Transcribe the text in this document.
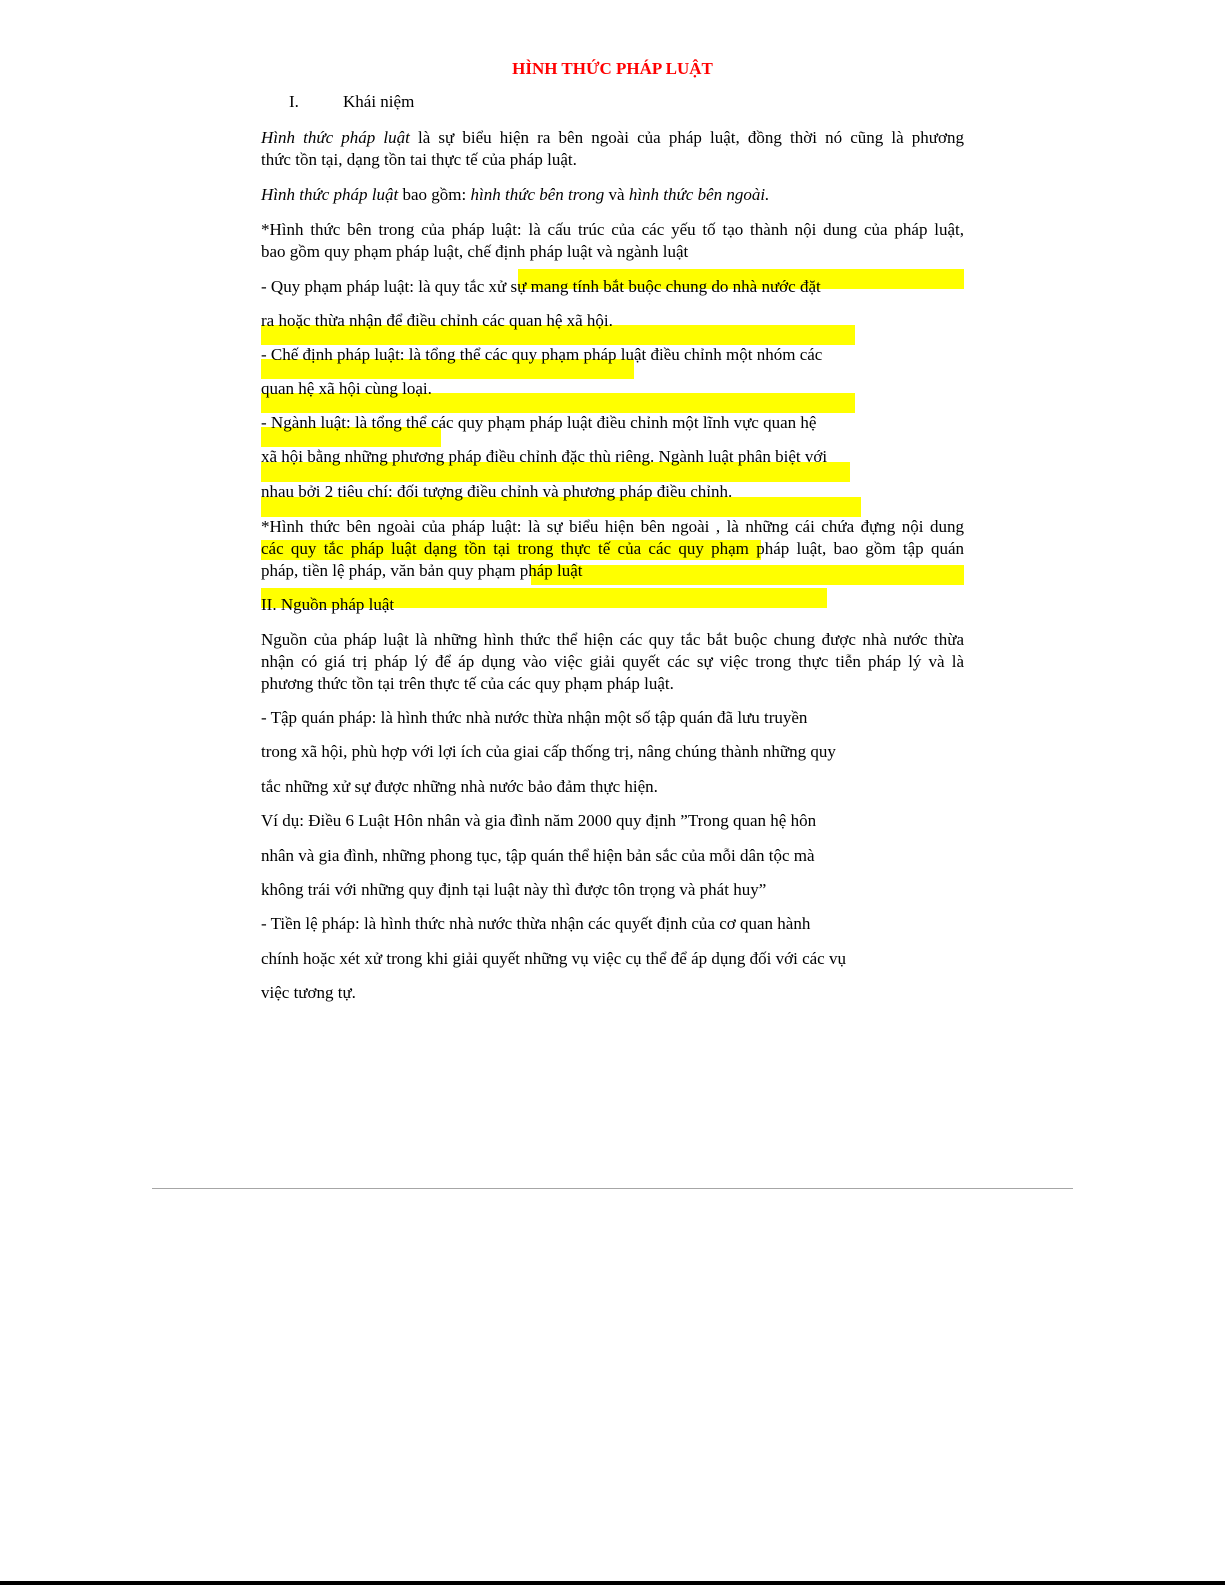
HÌNH THỨC PHÁP LUẬT
I.	Khái niệm
Hình thức pháp luật là sự biểu hiện ra bên ngoài của pháp luật, đồng thời nó cũng là phương
thức tồn tại, dạng tồn tai thực tế của pháp luật.
Hình thức pháp luật bao gồm: hình thức bên trong và hình thức bên ngoài.
*Hình thức bên trong của pháp luật: là cấu trúc của các yếu tố tạo thành nội dung của pháp luật,
bao gồm quy phạm pháp luật, chế định pháp luật và ngành luật
- Quy phạm pháp luật: là quy tắc xử sự mang tính bắt buộc chung do nhà nước đặt
ra hoặc thừa nhận để điều chỉnh các quan hệ xã hội.
- Chế định pháp luật: là tổng thể các quy phạm pháp luật điều chỉnh một nhóm các
quan hệ xã hội cùng loại.
- Ngành luật: là tổng thể các quy phạm pháp luật điều chỉnh một lĩnh vực quan hệ
xã hội bằng những phương pháp điều chỉnh đặc thù riêng. Ngành luật phân biệt với
nhau bởi 2 tiêu chí: đối tượng điều chỉnh và phương pháp điều chỉnh.
*Hình thức bên ngoài của pháp luật: là sự biểu hiện bên ngoài , là những cái chứa đựng nội dung
các quy tắc pháp luật dạng tồn tại trong thực tế của các quy phạm pháp luật, bao gồm tập quán
pháp, tiền lệ pháp, văn bản quy phạm pháp luật
II. Nguồn pháp luật
Nguồn của pháp luật là những hình thức thể hiện các quy tắc bắt buộc chung được nhà nước thừa
nhận có giá trị pháp lý để áp dụng vào việc giải quyết các sự việc trong thực tiễn pháp lý và là
phương thức tồn tại trên thực tế của các quy phạm pháp luật.
- Tập quán pháp: là hình thức nhà nước thừa nhận một số tập quán đã lưu truyền
trong xã hội, phù hợp với lợi ích của giai cấp thống trị, nâng chúng thành những quy
tắc những xử sự được những nhà nước bảo đảm thực hiện.
Ví dụ: Điều 6 Luật Hôn nhân và gia đình năm 2000 quy định ”Trong quan hệ hôn
nhân và gia đình, những phong tục, tập quán thể hiện bản sắc của mỗi dân tộc mà
không trái với những quy định tại luật này thì được tôn trọng và phát huy”
- Tiền lệ pháp: là hình thức nhà nước thừa nhận các quyết định của cơ quan hành
chính hoặc xét xử trong khi giải quyết những vụ việc cụ thể để áp dụng đối với các vụ
việc tương tự.
